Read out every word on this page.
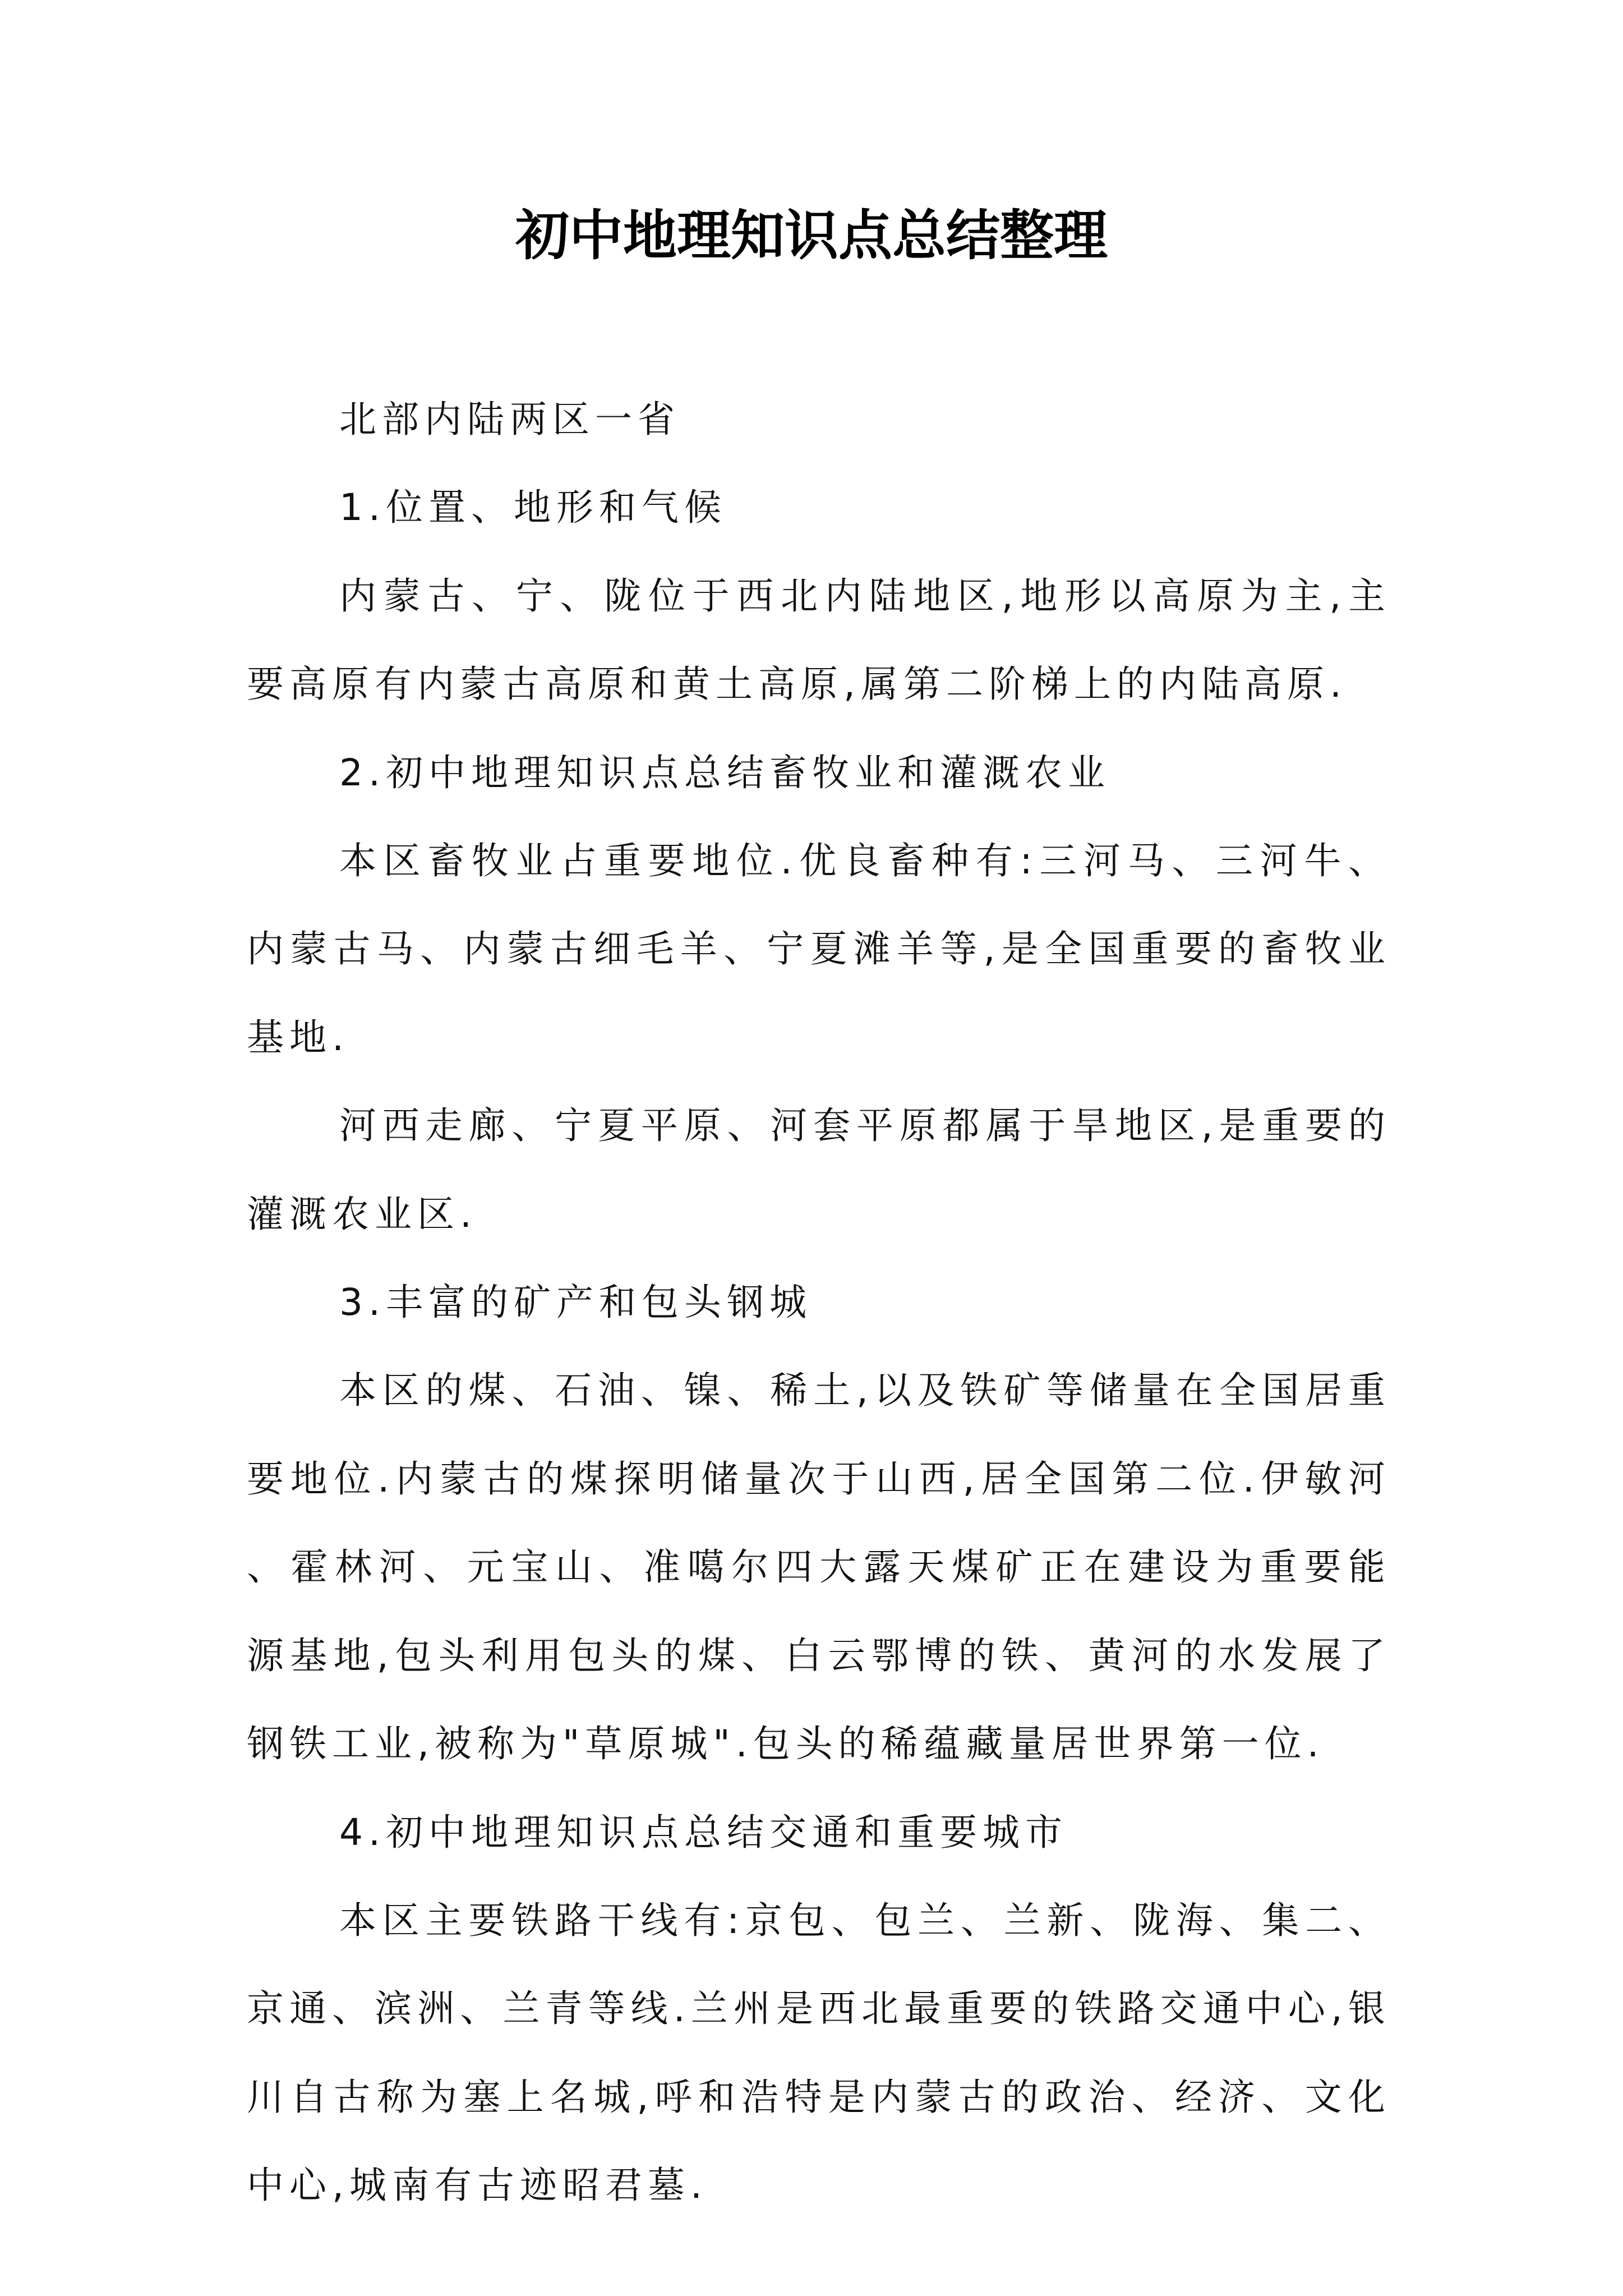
初中地理知识点总结整理

北部内陆两区一省

1.位置、地形和气候

内蒙古、宁、陇位于西北内陆地区,地形以高原为主,主要高原有内蒙古高原和黄土高原,属第二阶梯上的内陆高原.

2.初中地理知识点总结畜牧业和灌溉农业

本区畜牧业占重要地位.优良畜种有:三河马、三河牛、内蒙古马、内蒙古细毛羊、宁夏滩羊等,是全国重要的畜牧业基地.

河西走廊、宁夏平原、河套平原都属于旱地区,是重要的灌溉农业区.

3.丰富的矿产和包头钢城

本区的煤、石油、镍、稀土,以及铁矿等储量在全国居重要地位.内蒙古的煤探明储量次于山西,居全国第二位.伊敏河、霍林河、元宝山、准噶尔四大露天煤矿正在建设为重要能源基地,包头利用包头的煤、白云鄂博的铁、黄河的水发展了钢铁工业,被称为"草原城".包头的稀蕴藏量居世界第一位.

4.初中地理知识点总结交通和重要城市

本区主要铁路干线有:京包、包兰、兰新、陇海、集二、京通、滨洲、兰青等线.兰州是西北最重要的铁路交通中心,银川自古称为塞上名城,呼和浩特是内蒙古的政治、经济、文化中心,城南有古迹昭君墓.
